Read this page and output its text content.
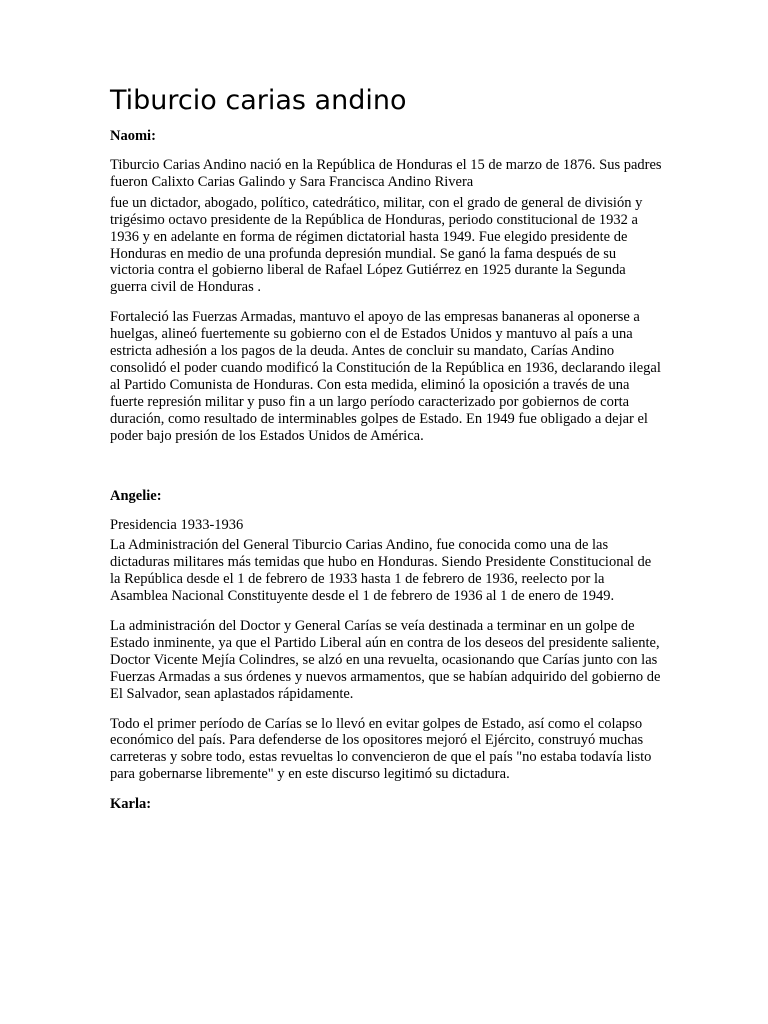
Tiburcio carias andino
Naomi:

Tiburcio Carias Andino nació en la República de Honduras el 15 de marzo de 1876. Sus padres fueron Calixto Carias Galindo y Sara Francisca Andino Rivera

fue un dictador, abogado, político, catedrático, militar, con el grado de general de división y trigésimo octavo presidente de la República de Honduras, periodo constitucional de 1932 a 1936 y en adelante en forma de régimen dictatorial hasta 1949. Fue elegido presidente de Honduras en medio de una profunda depresión mundial. Se ganó la fama después de su victoria contra el gobierno liberal de Rafael López Gutiérrez en 1925 durante la Segunda guerra civil de Honduras .

Fortaleció las Fuerzas Armadas, mantuvo el apoyo de las empresas bananeras al oponerse a huelgas, alineó fuertemente su gobierno con el de Estados Unidos y mantuvo al país a una estricta adhesión a los pagos de la deuda. Antes de concluir su mandato, Carías Andino consolidó el poder cuando modificó la Constitución de la República en 1936, declarando ilegal al Partido Comunista de Honduras. Con esta medida, eliminó la oposición a través de una fuerte represión militar y puso fin a un largo período caracterizado por gobiernos de corta duración, como resultado de interminables golpes de Estado. En 1949 fue obligado a dejar el poder bajo presión de los Estados Unidos de América.

Angelie:

Presidencia 1933-1936

La Administración del General Tiburcio Carias Andino, fue conocida como una de las dictaduras militares más temidas que hubo en Honduras. Siendo Presidente Constitucional de la República desde el 1 de febrero de 1933 hasta 1 de febrero de 1936, reelecto por la Asamblea Nacional Constituyente desde el 1 de febrero de 1936 al 1 de enero de 1949.

La administración del Doctor y General Carías se veía destinada a terminar en un golpe de Estado inminente, ya que el Partido Liberal aún en contra de los deseos del presidente saliente, Doctor Vicente Mejía Colindres, se alzó en una revuelta, ocasionando que Carías junto con las Fuerzas Armadas a sus órdenes y nuevos armamentos, que se habían adquirido del gobierno de El Salvador, sean aplastados rápidamente.

Todo el primer período de Carías se lo llevó en evitar golpes de Estado, así como el colapso económico del país. Para defenderse de los opositores mejoró el Ejército, construyó muchas carreteras y sobre todo, estas revueltas lo convencieron de que el país "no estaba todavía listo para gobernarse libremente" y en este discurso legitimó su dictadura.

Karla:
